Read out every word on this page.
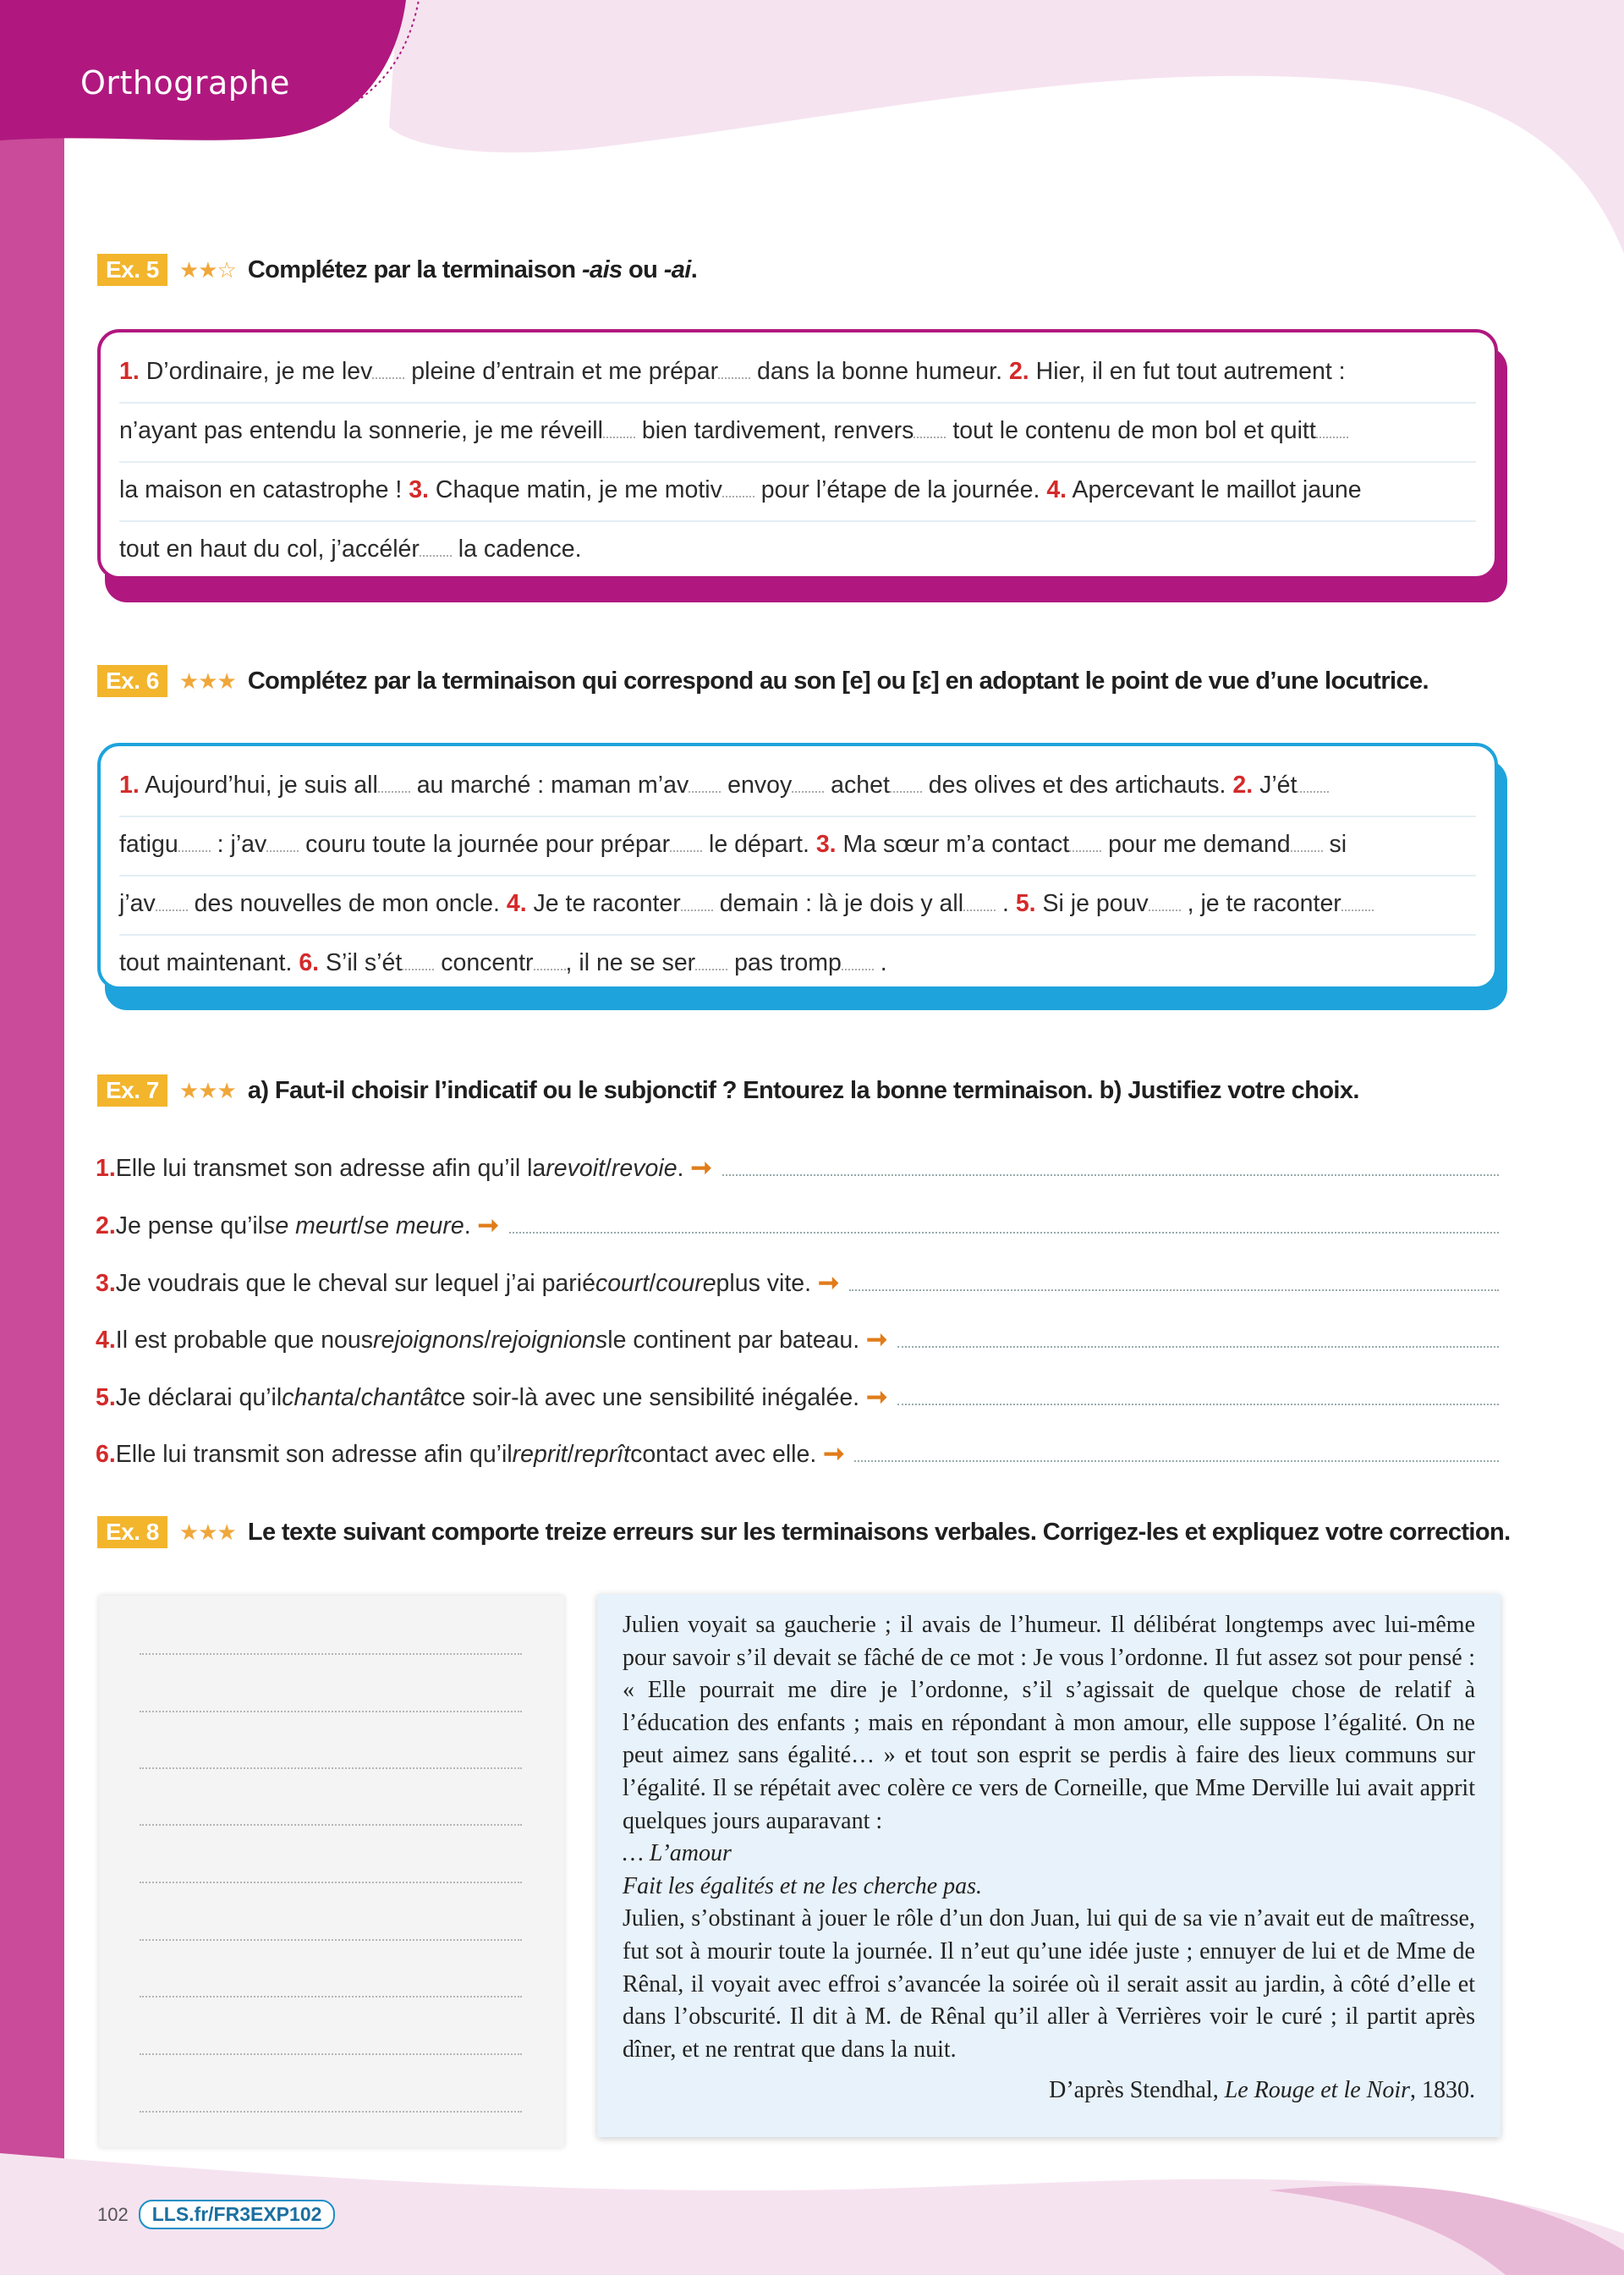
Orthographe
Ex. 5 ★★☆ Complétez par la terminaison -ais ou -ai.
1. D’ordinaire, je me lev pleine d’entrain et me prépar dans la bonne humeur. 2. Hier, il en fut tout autrement :
n’ayant pas entendu la sonnerie, je me réveill bien tardivement, renvers tout le contenu de mon bol et quitt
la maison en catastrophe ! 3. Chaque matin, je me motiv pour l’étape de la journée. 4. Apercevant le maillot jaune
tout en haut du col, j’accélér la cadence.
Ex. 6 ★★★ Complétez par la terminaison qui correspond au son [e] ou [ɛ] en adoptant le point de vue d’une locutrice.
1. Aujourd’hui, je suis all au marché : maman m’av envoy achet des olives et des artichauts. 2. J’ét
fatigu : j’av couru toute la journée pour prépar le départ. 3. Ma sœur m’a contact pour me demand si
j’av des nouvelles de mon oncle. 4. Je te raconter demain : là je dois y all . 5. Si je pouv , je te raconter
tout maintenant. 6. S’il s’ét concentr , il ne se ser pas tromp .
Ex. 7 ★★★ a) Faut-il choisir l’indicatif ou le subjonctif ? Entourez la bonne terminaison. b) Justifiez votre choix.
1. Elle lui transmet son adresse afin qu’il la revoit / revoie . ➞
2. Je pense qu’il se meurt / se meure . ➞
3. Je voudrais que le cheval sur lequel j’ai parié court / coure plus vite. ➞
4. Il est probable que nous rejoignons / rejoignions le continent par bateau. ➞
5. Je déclarai qu’il chanta / chantât ce soir-là avec une sensibilité inégalée. ➞
6. Elle lui transmit son adresse afin qu’il reprit / reprît contact avec elle. ➞
Ex. 8 ★★★ Le texte suivant comporte treize erreurs sur les terminaisons verbales. Corrigez-les et expliquez votre correction.

Julien voyait sa gaucherie ; il avais de l’humeur. Il délibérat longtemps avec lui-même pour savoir s’il devait se fâché de ce mot : Je vous l’ordonne. Il fut assez sot pour pensé : « Elle pourrait me dire je l’ordonne, s’il s’agissait de quelque chose de relatif à l’éducation des enfants ; mais en répondant à mon amour, elle suppose l’égalité. On ne peut aimez sans égalité… » et tout son esprit se perdis à faire des lieux communs sur l’égalité. Il se répétait avec colère ce vers de Corneille, que Mme Derville lui avait apprit quelques jours auparavant :

… L’amour

Fait les égalités et ne les cherche pas.

Julien, s’obstinant à jouer le rôle d’un don Juan, lui qui de sa vie n’avait eut de maîtresse, fut sot à mourir toute la journée. Il n’eut qu’une idée juste ; ennuyer de lui et de Mme de Rênal, il voyait avec effroi s’avancée la soirée où il serait assit au jardin, à côté d’elle et dans l’obscurité. Il dit à M. de Rênal qu’il aller à Verrières voir le curé ; il partit après dîner, et ne rentrat que dans la nuit.

D’après Stendhal, Le Rouge et le Noir, 1830.

102	LLS.fr/FR3EXP102
